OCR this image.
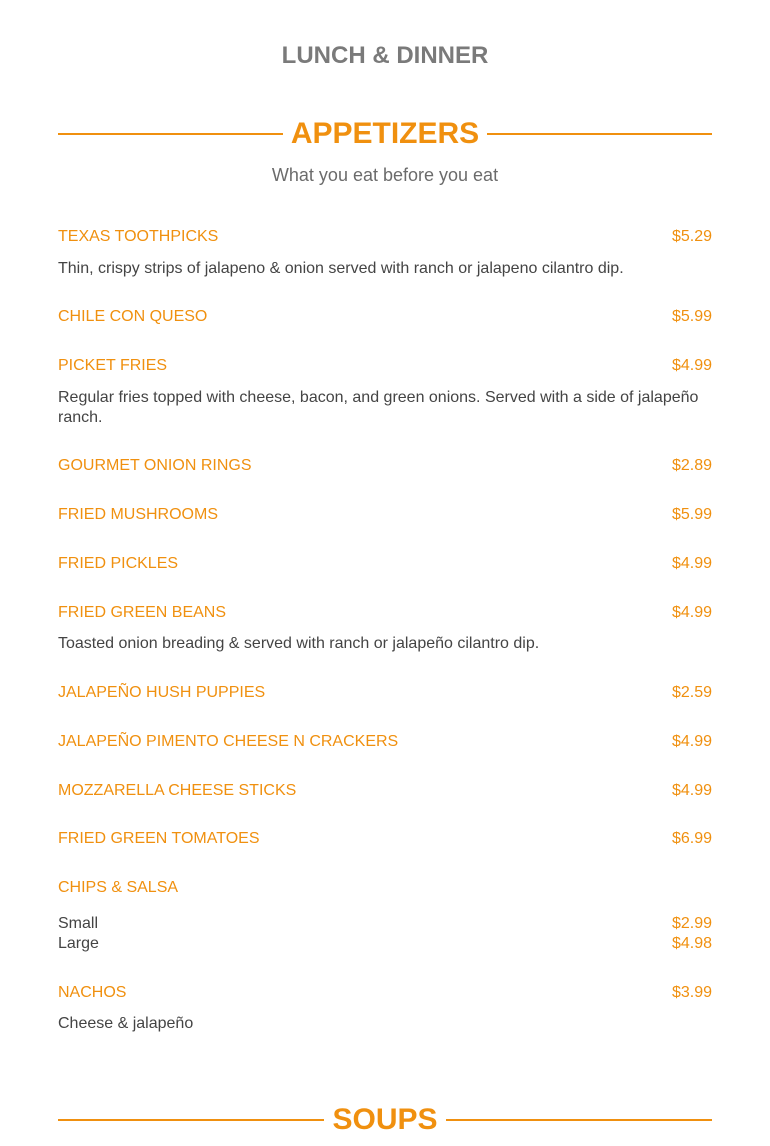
LUNCH & DINNER
APPETIZERS
What you eat before you eat
TEXAS TOOTHPICKS	$5.29
Thin, crispy strips of jalapeno & onion served with ranch or jalapeno cilantro dip.
CHILE CON QUESO	$5.99
PICKET FRIES	$4.99
Regular fries topped with cheese, bacon, and green onions. Served with a side of jalapeño ranch.
GOURMET ONION RINGS	$2.89
FRIED MUSHROOMS	$5.99
FRIED PICKLES	$4.99
FRIED GREEN BEANS	$4.99
Toasted onion breading & served with ranch or jalapeño cilantro dip.
JALAPEÑO HUSH PUPPIES	$2.59
JALAPEÑO PIMENTO CHEESE N CRACKERS	$4.99
MOZZARELLA CHEESE STICKS	$4.99
FRIED GREEN TOMATOES	$6.99
CHIPS & SALSA
Small	$2.99
Large	$4.98
NACHOS	$3.99
Cheese & jalapeño
SOUPS
